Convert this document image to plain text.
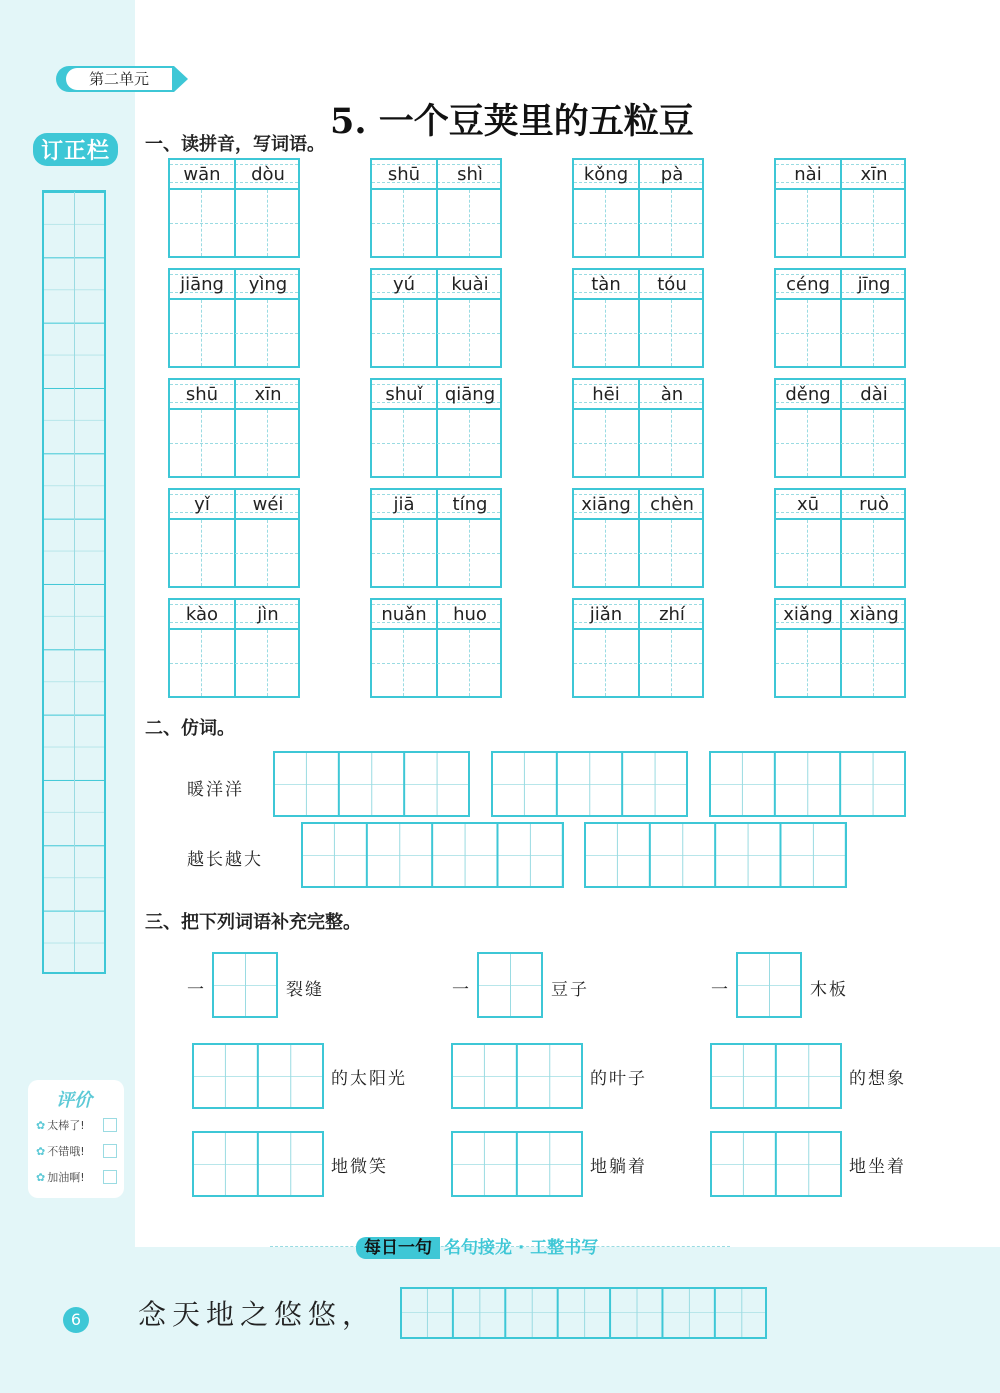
第二单元
订正栏
评价
✿ 太棒了!
✿ 不错哦!
✿ 加油啊!
6
5. 一个豆荚里的五粒豆
一、读拼音，写词语。
二、仿词。
暖洋洋
越长越大
三、把下列词语补充完整。
一	裂缝	一	豆子	一	木板
的太阳光	的叶子	的想象
地微笑	地躺着	地坐着
每日一句 名句接龙 · 工整书写
念天地之悠悠，
wān	dòu	shū	shì	kǒng	pà	nài	xīn
jiāng	yìng	yú	kuài	tàn	tóu	céng	jīng
shū	xīn	shuǐ	qiāng	hēi	àn	děng	dài
yǐ	wéi	jiā	tíng	xiāng	chèn	xū	ruò
kào	jìn	nuǎn	huo	jiǎn	zhí	xiǎng xiàng
